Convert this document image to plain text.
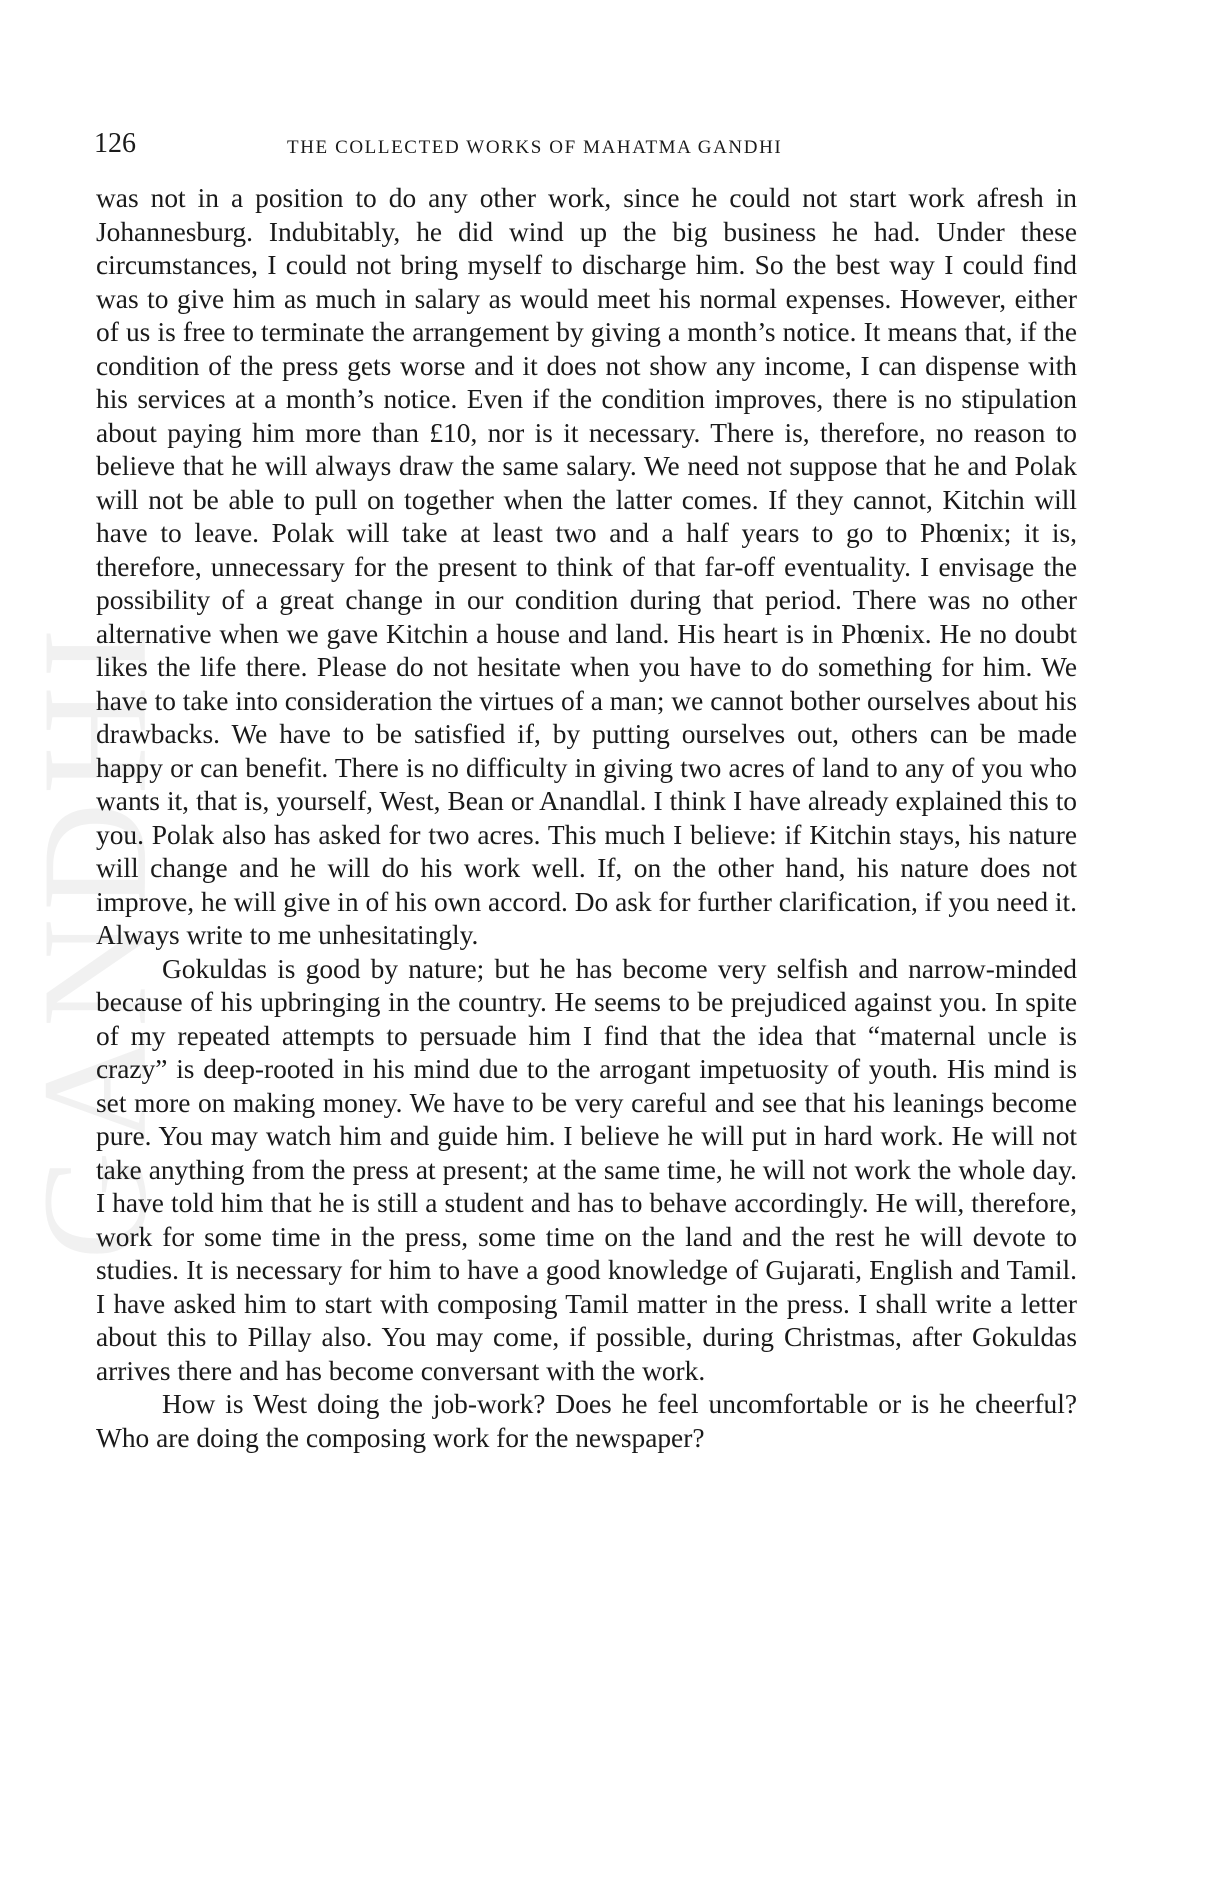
GANDHI
126	THE COLLECTED WORKS OF MAHATMA GANDHI

was not in a position to do any other work, since he could not start work afresh in Johannesburg. Indubitably, he did wind up the big business he had. Under these circumstances, I could not bring myself to discharge him. So the best way I could find was to give him as much in salary as would meet his normal expenses. However, either of us is free to terminate the arrangement by giving a month’s notice. It means that, if the condition of the press gets worse and it does not show any income, I can dispense with his services at a month’s notice. Even if the condition improves, there is no stipulation about paying him more than £10, nor is it necessary. There is, therefore, no reason to believe that he will always draw the same salary. We need not suppose that he and Polak will not be able to pull on together when the latter comes. If they cannot, Kitchin will have to leave. Polak will take at least two and a half years to go to Phœnix; it is, therefore, unnecessary for the present to think of that far-off eventuality. I envisage the possibility of a great change in our condition during that period. There was no other alternative when we gave Kitchin a house and land. His heart is in Phœnix. He no doubt likes the life there. Please do not hesitate when you have to do something for him. We have to take into consideration the virtues of a man; we cannot bother ourselves about his drawbacks. We have to be satisfied if, by putting ourselves out, others can be made happy or can benefit. There is no difficulty in giving two acres of land to any of you who wants it, that is, yourself, West, Bean or Anandlal. I think I have already explained this to you. Polak also has asked for two acres. This much I believe: if Kitchin stays, his nature will change and he will do his work well. If, on the other hand, his nature does not improve, he will give in of his own accord. Do ask for further clarification, if you need it. Always write to me unhesitatingly.

Gokuldas is good by nature; but he has become very selfish and narrow-minded because of his upbringing in the country. He seems to be prejudiced against you. In spite of my repeated attempts to persuade him I find that the idea that “maternal uncle is crazy” is deep-rooted in his mind due to the arrogant impetuosity of youth. His mind is set more on making money. We have to be very careful and see that his leanings become pure. You may watch him and guide him. I believe he will put in hard work. He will not take anything from the press at present; at the same time, he will not work the whole day. I have told him that he is still a student and has to behave accordingly. He will, therefore, work for some time in the press, some time on the land and the rest he will devote to studies. It is necessary for him to have a good knowledge of Gujarati, English and Tamil. I have asked him to start with composing Tamil matter in the press. I shall write a letter about this to Pillay also. You may come, if possible, during Christmas, after Gokuldas arrives there and has become conversant with the work.

How is West doing the job-work? Does he feel uncomfortable or is he cheerful? Who are doing the composing work for the newspaper?
